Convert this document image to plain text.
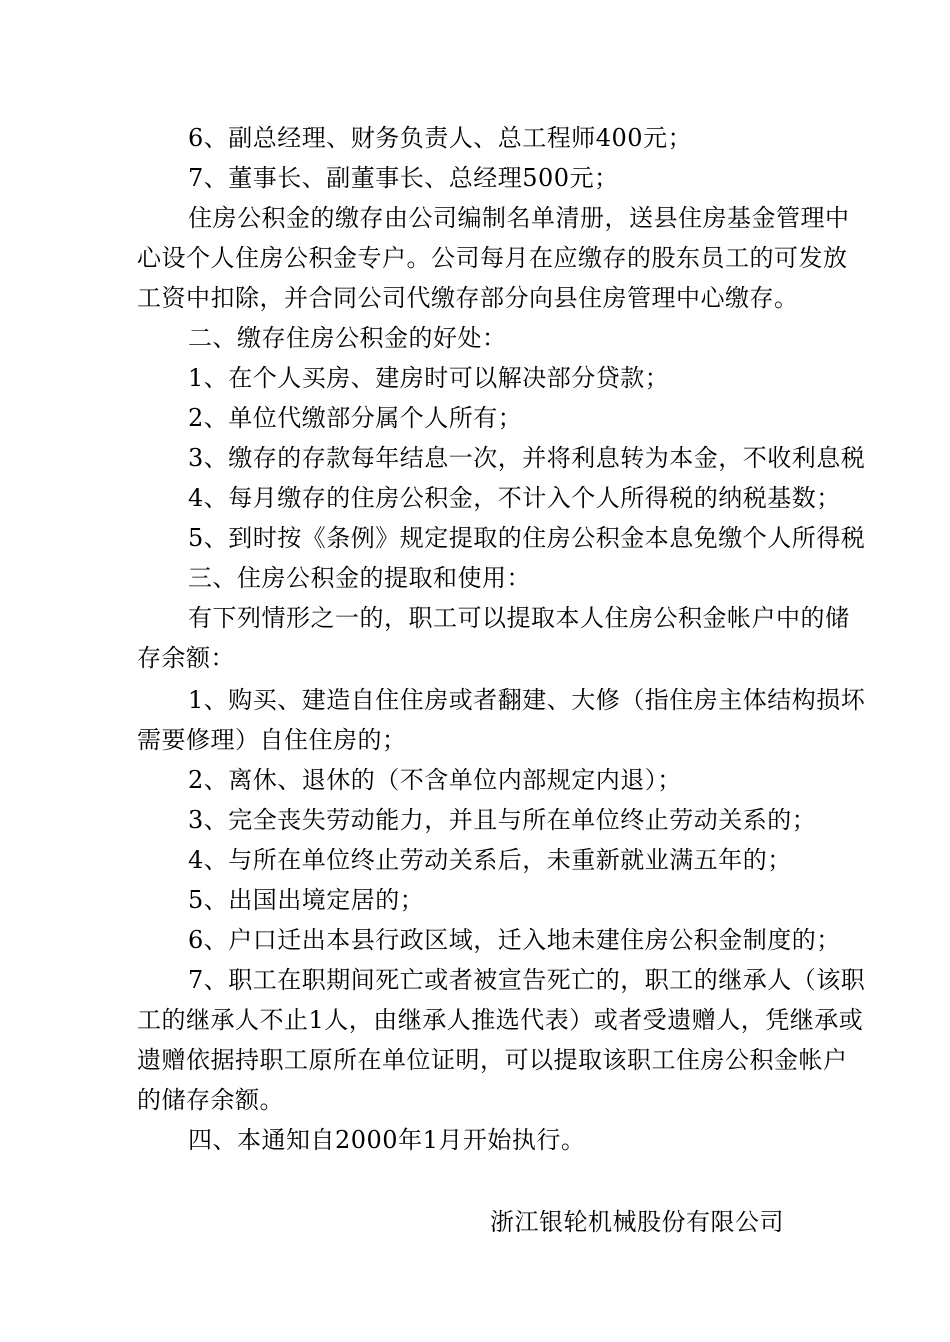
6、副总经理、财务负责人、总工程师400元；
7、董事长、副董事长、总经理500元；
住房公积金的缴存由公司编制名单清册，送县住房基金管理中
心设个人住房公积金专户。公司每月在应缴存的股东员工的可发放
工资中扣除，并合同公司代缴存部分向县住房管理中心缴存。
二、缴存住房公积金的好处：
1、在个人买房、建房时可以解决部分贷款；
2、单位代缴部分属个人所有；
3、缴存的存款每年结息一次，并将利息转为本金，不收利息税
4、每月缴存的住房公积金，不计入个人所得税的纳税基数；
5、到时按《条例》规定提取的住房公积金本息免缴个人所得税
三、住房公积金的提取和使用：
有下列情形之一的，职工可以提取本人住房公积金帐户中的储
存余额：
1、购买、建造自住住房或者翻建、大修（指住房主体结构损坏
需要修理）自住住房的；
2、离休、退休的（不含单位内部规定内退）；
3、完全丧失劳动能力，并且与所在单位终止劳动关系的；
4、与所在单位终止劳动关系后，未重新就业满五年的；
5、出国出境定居的；
6、户口迁出本县行政区域，迁入地未建住房公积金制度的；
7、职工在职期间死亡或者被宣告死亡的，职工的继承人（该职
工的继承人不止1人，由继承人推选代表）或者受遗赠人，凭继承或
遗赠依据持职工原所在单位证明，可以提取该职工住房公积金帐户
的储存余额。
四、本通知自2000年1月开始执行。
浙江银轮机械股份有限公司
